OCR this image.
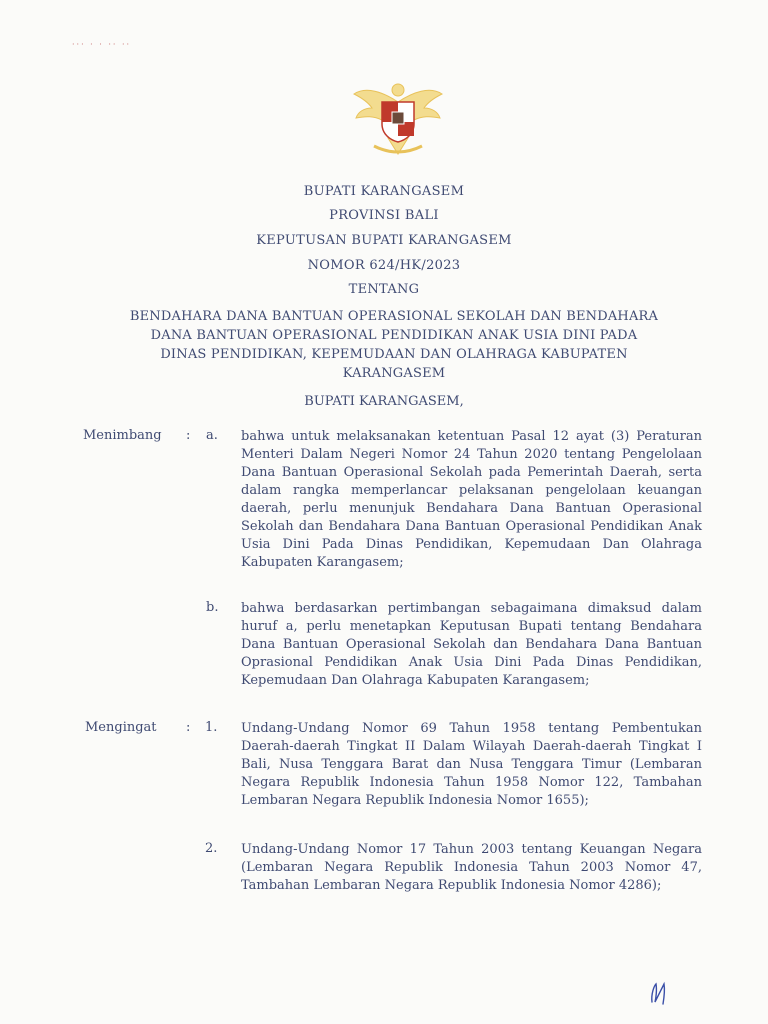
··· · · ·· ··
BUPATI KARANGASEM
PROVINSI BALI
KEPUTUSAN BUPATI KARANGASEM
NOMOR 624/HK/2023
TENTANG
BENDAHARA DANA BANTUAN OPERASIONAL SEKOLAH DAN BENDAHARA
DANA BANTUAN OPERASIONAL PENDIDIKAN ANAK USIA DINI PADA
DINAS PENDIDIKAN, KEPEMUDAAN DAN OLAHRAGA KABUPATEN
KARANGASEM
BUPATI KARANGASEM,
Menimbang : a. bahwa untuk melaksanakan ketentuan Pasal 12 ayat (3) Peraturan Menteri Dalam Negeri Nomor 24 Tahun 2020 tentang Pengelolaan Dana Bantuan Operasional Sekolah pada Pemerintah Daerah, serta dalam rangka memperlancar pelaksanan pengelolaan keuangan daerah, perlu menunjuk Bendahara Dana Bantuan Operasional Sekolah dan Bendahara Dana Bantuan Operasional Pendidikan Anak Usia Dini Pada Dinas Pendidikan, Kepemudaan Dan Olahraga Kabupaten Karangasem;
b. bahwa berdasarkan pertimbangan sebagaimana dimaksud dalam huruf a, perlu menetapkan Keputusan Bupati tentang Bendahara Dana Bantuan Operasional Sekolah dan Bendahara Dana Bantuan Oprasional Pendidikan Anak Usia Dini Pada Dinas Pendidikan, Kepemudaan Dan Olahraga Kabupaten Karangasem;
Mengingat : 1. Undang-Undang Nomor 69 Tahun 1958 tentang Pembentukan Daerah-daerah Tingkat II Dalam Wilayah Daerah-daerah Tingkat I Bali, Nusa Tenggara Barat dan Nusa Tenggara Timur (Lembaran Negara Republik Indonesia Tahun 1958 Nomor 122, Tambahan Lembaran Negara Republik Indonesia Nomor 1655);
2. Undang-Undang Nomor 17 Tahun 2003 tentang Keuangan Negara (Lembaran Negara Republik Indonesia Tahun 2003 Nomor 47, Tambahan Lembaran Negara Republik Indonesia Nomor 4286);
